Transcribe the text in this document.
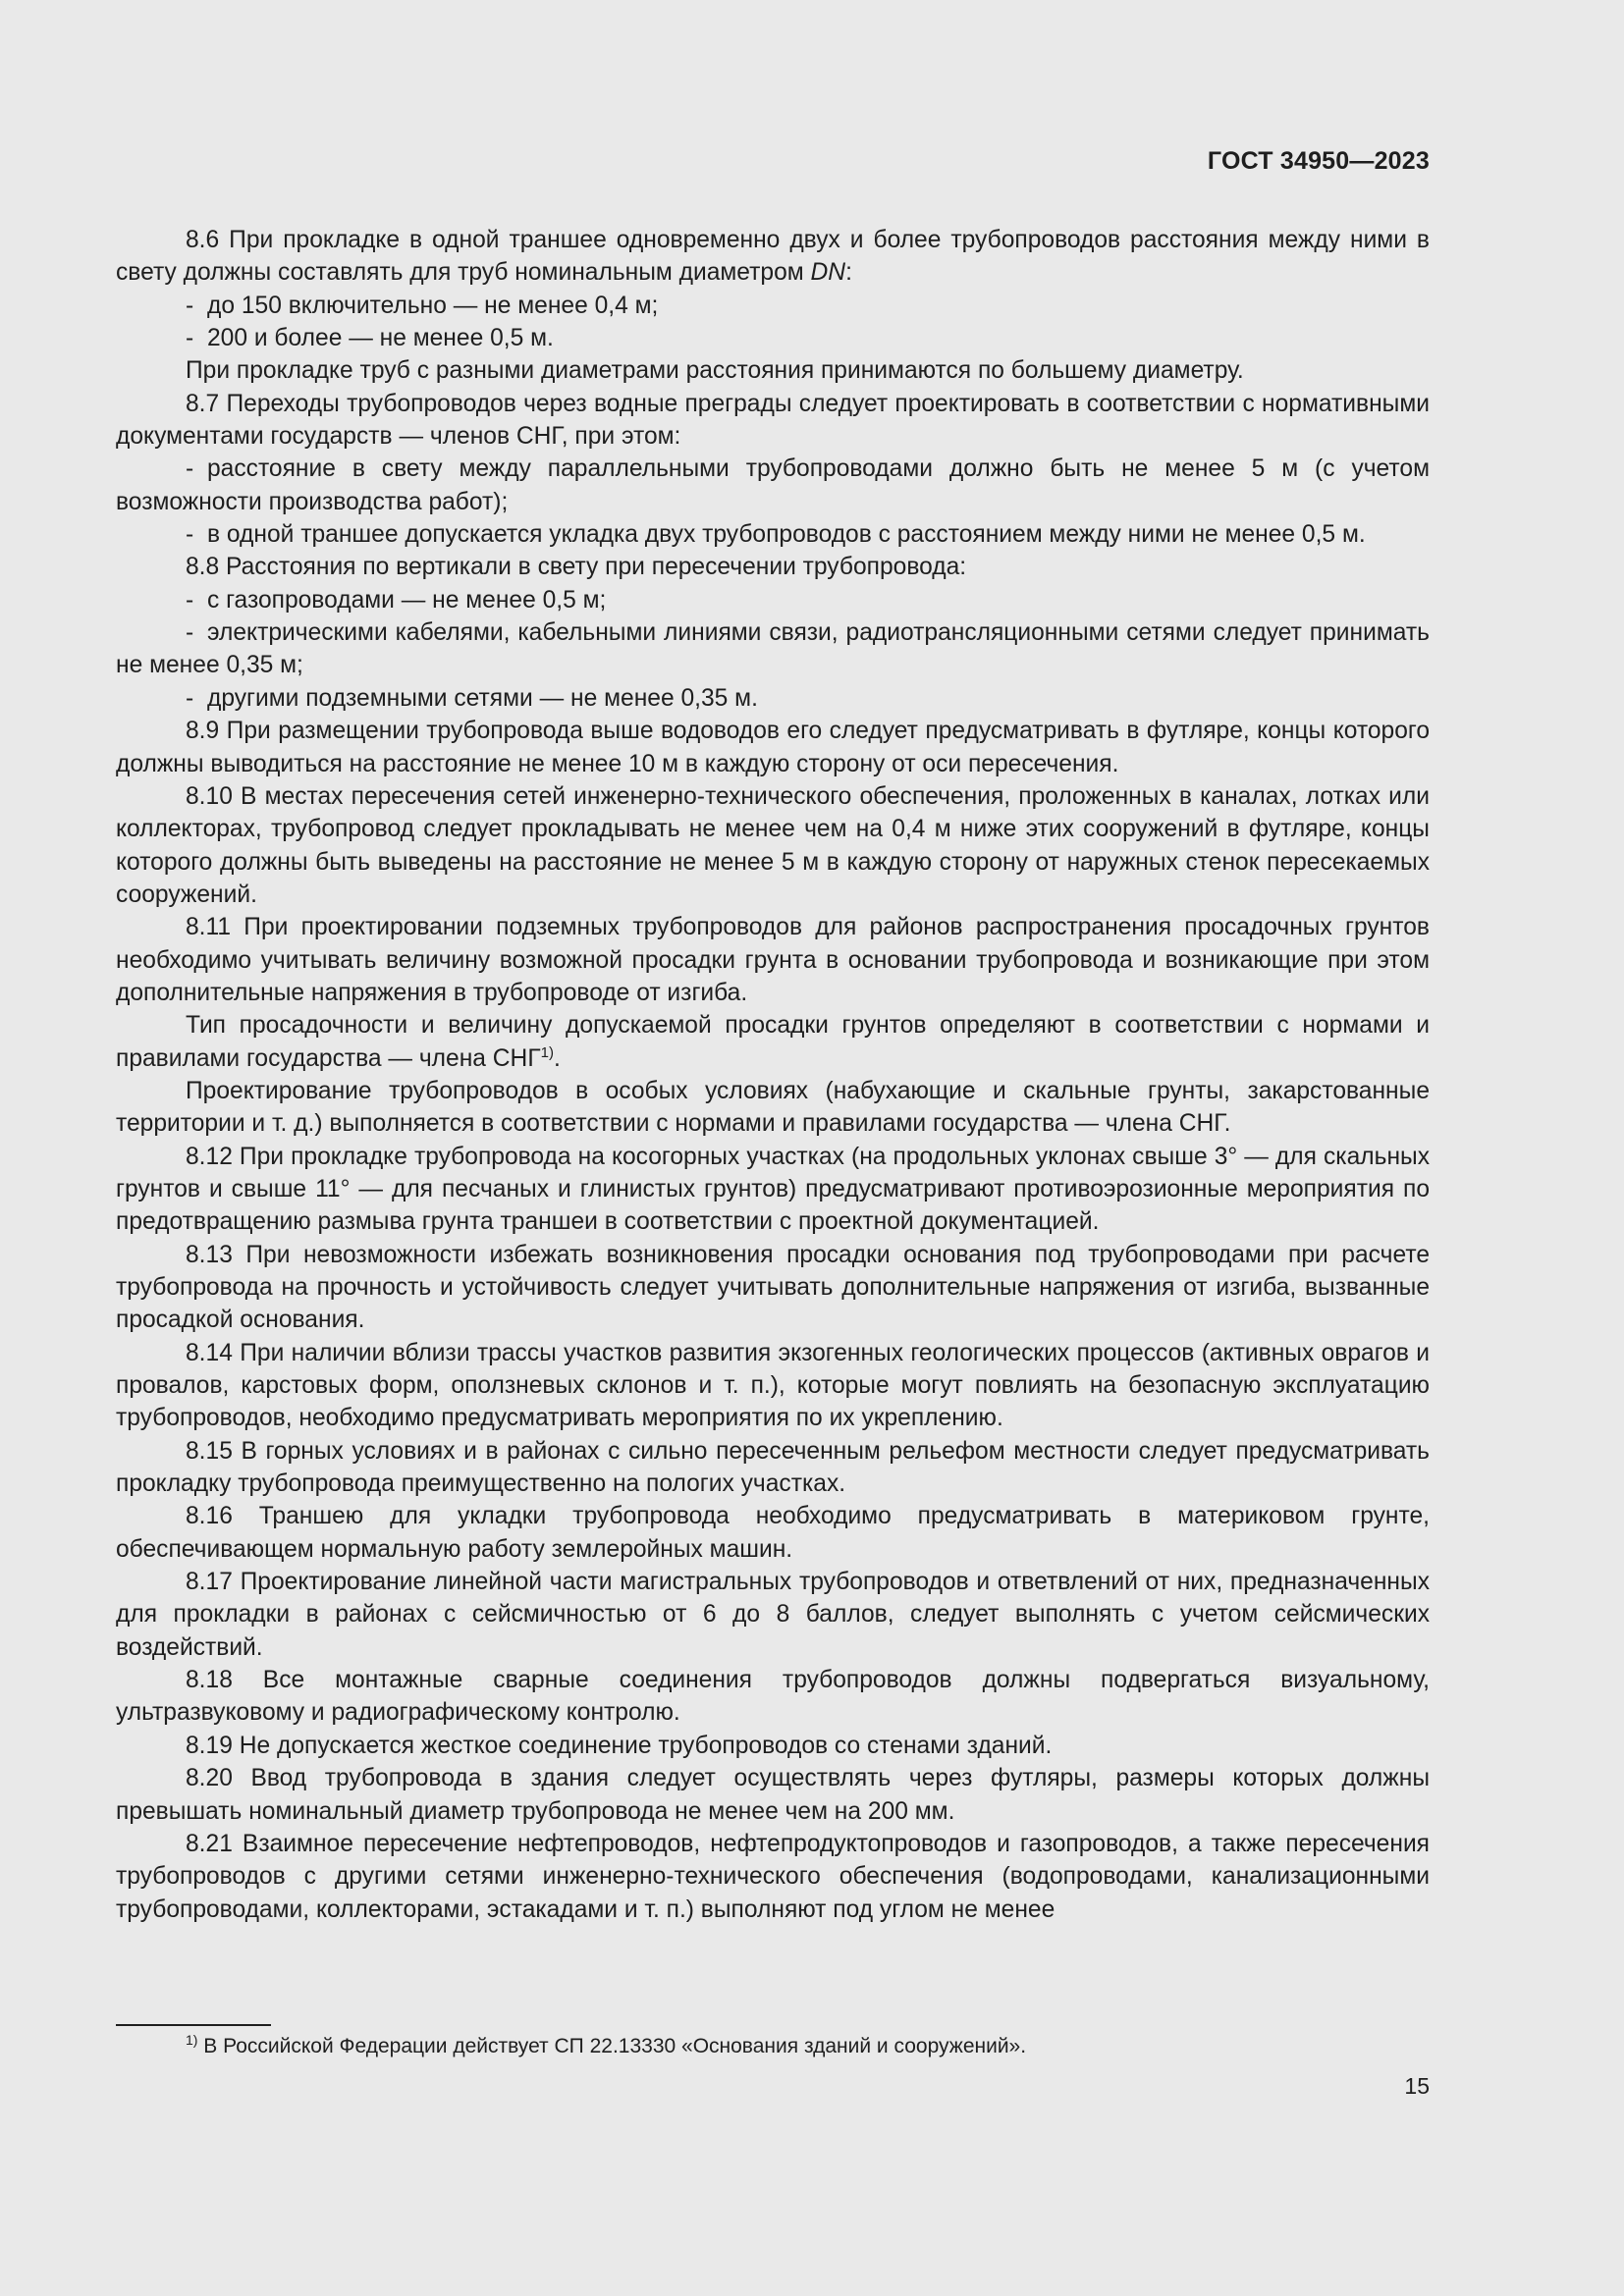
ГОСТ 34950—2023

8.6 При прокладке в одной траншее одновременно двух и более трубопроводов расстояния между ними в свету должны составлять для труб номинальным диаметром DN:

- до 150 включительно — не менее 0,4 м;

- 200 и более — не менее 0,5 м.

При прокладке труб с разными диаметрами расстояния принимаются по большему диаметру.

8.7 Переходы трубопроводов через водные преграды следует проектировать в соответствии с нормативными документами государств — членов СНГ, при этом:

- расстояние в свету между параллельными трубопроводами должно быть не менее 5 м (с учетом возможности производства работ);

- в одной траншее допускается укладка двух трубопроводов с расстоянием между ними не менее 0,5 м.

8.8 Расстояния по вертикали в свету при пересечении трубопровода:

- с газопроводами — не менее 0,5 м;

- электрическими кабелями, кабельными линиями связи, радиотрансляционными сетями следует принимать не менее 0,35 м;

- другими подземными сетями — не менее 0,35 м.

8.9 При размещении трубопровода выше водоводов его следует предусматривать в футляре, концы которого должны выводиться на расстояние не менее 10 м в каждую сторону от оси пересечения.

8.10 В местах пересечения сетей инженерно-технического обеспечения, проложенных в каналах, лотках или коллекторах, трубопровод следует прокладывать не менее чем на 0,4 м ниже этих сооружений в футляре, концы которого должны быть выведены на расстояние не менее 5 м в каждую сторону от наружных стенок пересекаемых сооружений.

8.11 При проектировании подземных трубопроводов для районов распространения просадочных грунтов необходимо учитывать величину возможной просадки грунта в основании трубопровода и возникающие при этом дополнительные напряжения в трубопроводе от изгиба.

Тип просадочности и величину допускаемой просадки грунтов определяют в соответствии с нормами и правилами государства — члена СНГ$^{1)}$.

Проектирование трубопроводов в особых условиях (набухающие и скальные грунты, закарстованные территории и т. д.) выполняется в соответствии с нормами и правилами государства — члена СНГ.

8.12 При прокладке трубопровода на косогорных участках (на продольных уклонах свыше 3° — для скальных грунтов и свыше 11° — для песчаных и глинистых грунтов) предусматривают противоэрозионные мероприятия по предотвращению размыва грунта траншеи в соответствии с проектной документацией.

8.13 При невозможности избежать возникновения просадки основания под трубопроводами при расчете трубопровода на прочность и устойчивость следует учитывать дополнительные напряжения от изгиба, вызванные просадкой основания.

8.14 При наличии вблизи трассы участков развития экзогенных геологических процессов (активных оврагов и провалов, карстовых форм, оползневых склонов и т. п.), которые могут повлиять на безопасную эксплуатацию трубопроводов, необходимо предусматривать мероприятия по их укреплению.

8.15 В горных условиях и в районах с сильно пересеченным рельефом местности следует предусматривать прокладку трубопровода преимущественно на пологих участках.

8.16 Траншею для укладки трубопровода необходимо предусматривать в материковом грунте, обеспечивающем нормальную работу землеройных машин.

8.17 Проектирование линейной части магистральных трубопроводов и ответвлений от них, предназначенных для прокладки в районах с сейсмичностью от 6 до 8 баллов, следует выполнять с учетом сейсмических воздействий.

8.18 Все монтажные сварные соединения трубопроводов должны подвергаться визуальному, ультразвуковому и радиографическому контролю.

8.19 Не допускается жесткое соединение трубопроводов со стенами зданий.

8.20 Ввод трубопровода в здания следует осуществлять через футляры, размеры которых должны превышать номинальный диаметр трубопровода не менее чем на 200 мм.

8.21 Взаимное пересечение нефтепроводов, нефтепродуктопроводов и газопроводов, а также пересечения трубопроводов с другими сетями инженерно-технического обеспечения (водопроводами, канализационными трубопроводами, коллекторами, эстакадами и т. п.) выполняют под углом не менее

$^{1)}$ В Российской Федерации действует СП 22.13330 «Основания зданий и сооружений».
15
